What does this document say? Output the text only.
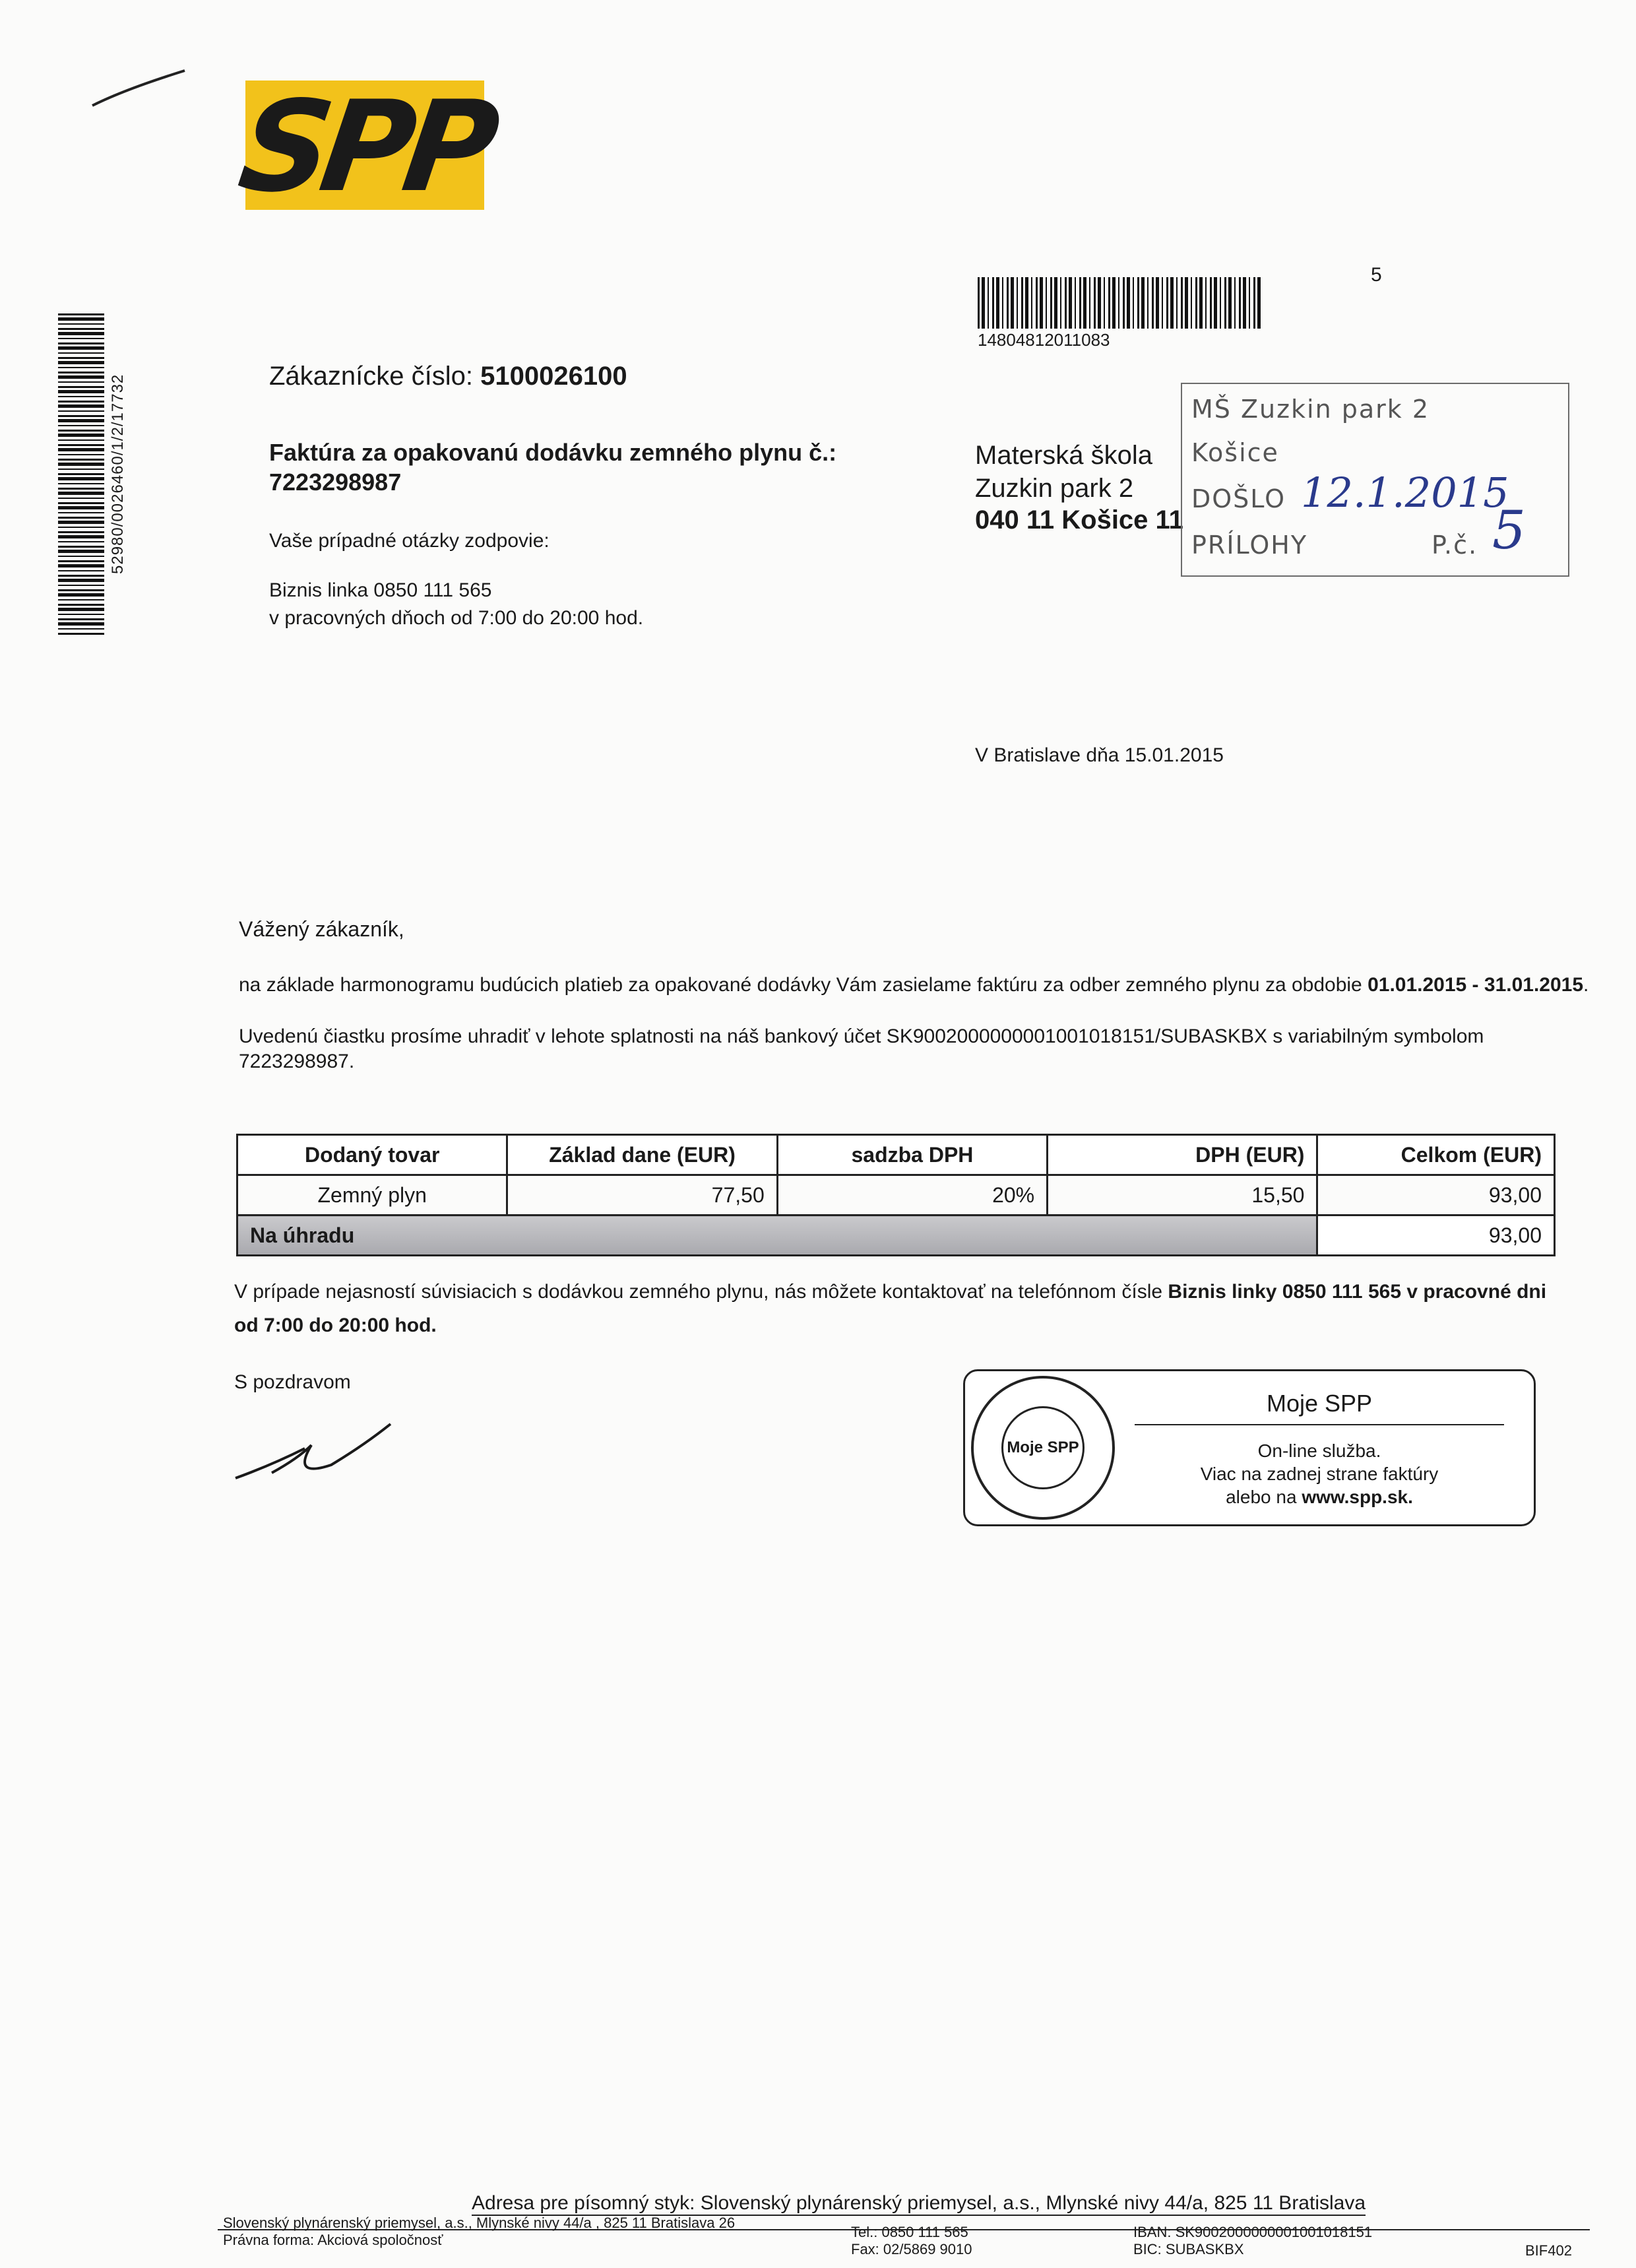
SPP
52980/0026460/1/2/17732
5
14804812011083
Zákaznícke číslo: 5100026100
Faktúra za opakovanú dodávku zemného plynu č.:
7223298987
Vaše prípadné otázky zodpovie:
Biznis linka 0850 111 565
v pracovných dňoch od 7:00 do 20:00 hod.
Materská škola
Zuzkin park 2
040 11 Košice 11
MŠ Zuzkin park 2
Košice
DOŠLO 12.1.2015
PRÍLOHY	P.č. 5
V Bratislave dňa 15.01.2015
Vážený zákazník,
na základe harmonogramu budúcich platieb za opakované dodávky Vám zasielame faktúru za odber zemného plynu za obdobie 01.01.2015 - 31.01.2015.
Uvedenú čiastku prosíme uhradiť v lehote splatnosti na náš bankový účet SK9002000000001001018151/SUBASKBX s variabilným symbolom 7223298987.
Dodaný tovar	Základ dane (EUR)	sadzba DPH	DPH (EUR)	Celkom (EUR)
Zemný plyn	77,50	20%	15,50	93,00
Na úhradu				93,00
V prípade nejasností súvisiacich s dodávkou zemného plynu, nás môžete kontaktovať na telefónnom čísle Biznis linky 0850 111 565 v pracovné dni od 7:00 do 20:00 hod.
S pozdravom
Moje SPP
Moje SPP
On-line služba.
Viac na zadnej strane faktúry
alebo na www.spp.sk.
Adresa pre písomný styk: Slovenský plynárenský priemysel, a.s., Mlynské nivy 44/a, 825 11 Bratislava
Slovenský plynárenský priemysel, a.s., Mlynské nivy 44/a , 825 11 Bratislava 26
Právna forma: Akciová spoločnosť	Tel.: 0850 111 565
Fax: 02/5869 9010
IBAN: SK9002000000001001018151
BIC: SUBASKBX	BIF402
